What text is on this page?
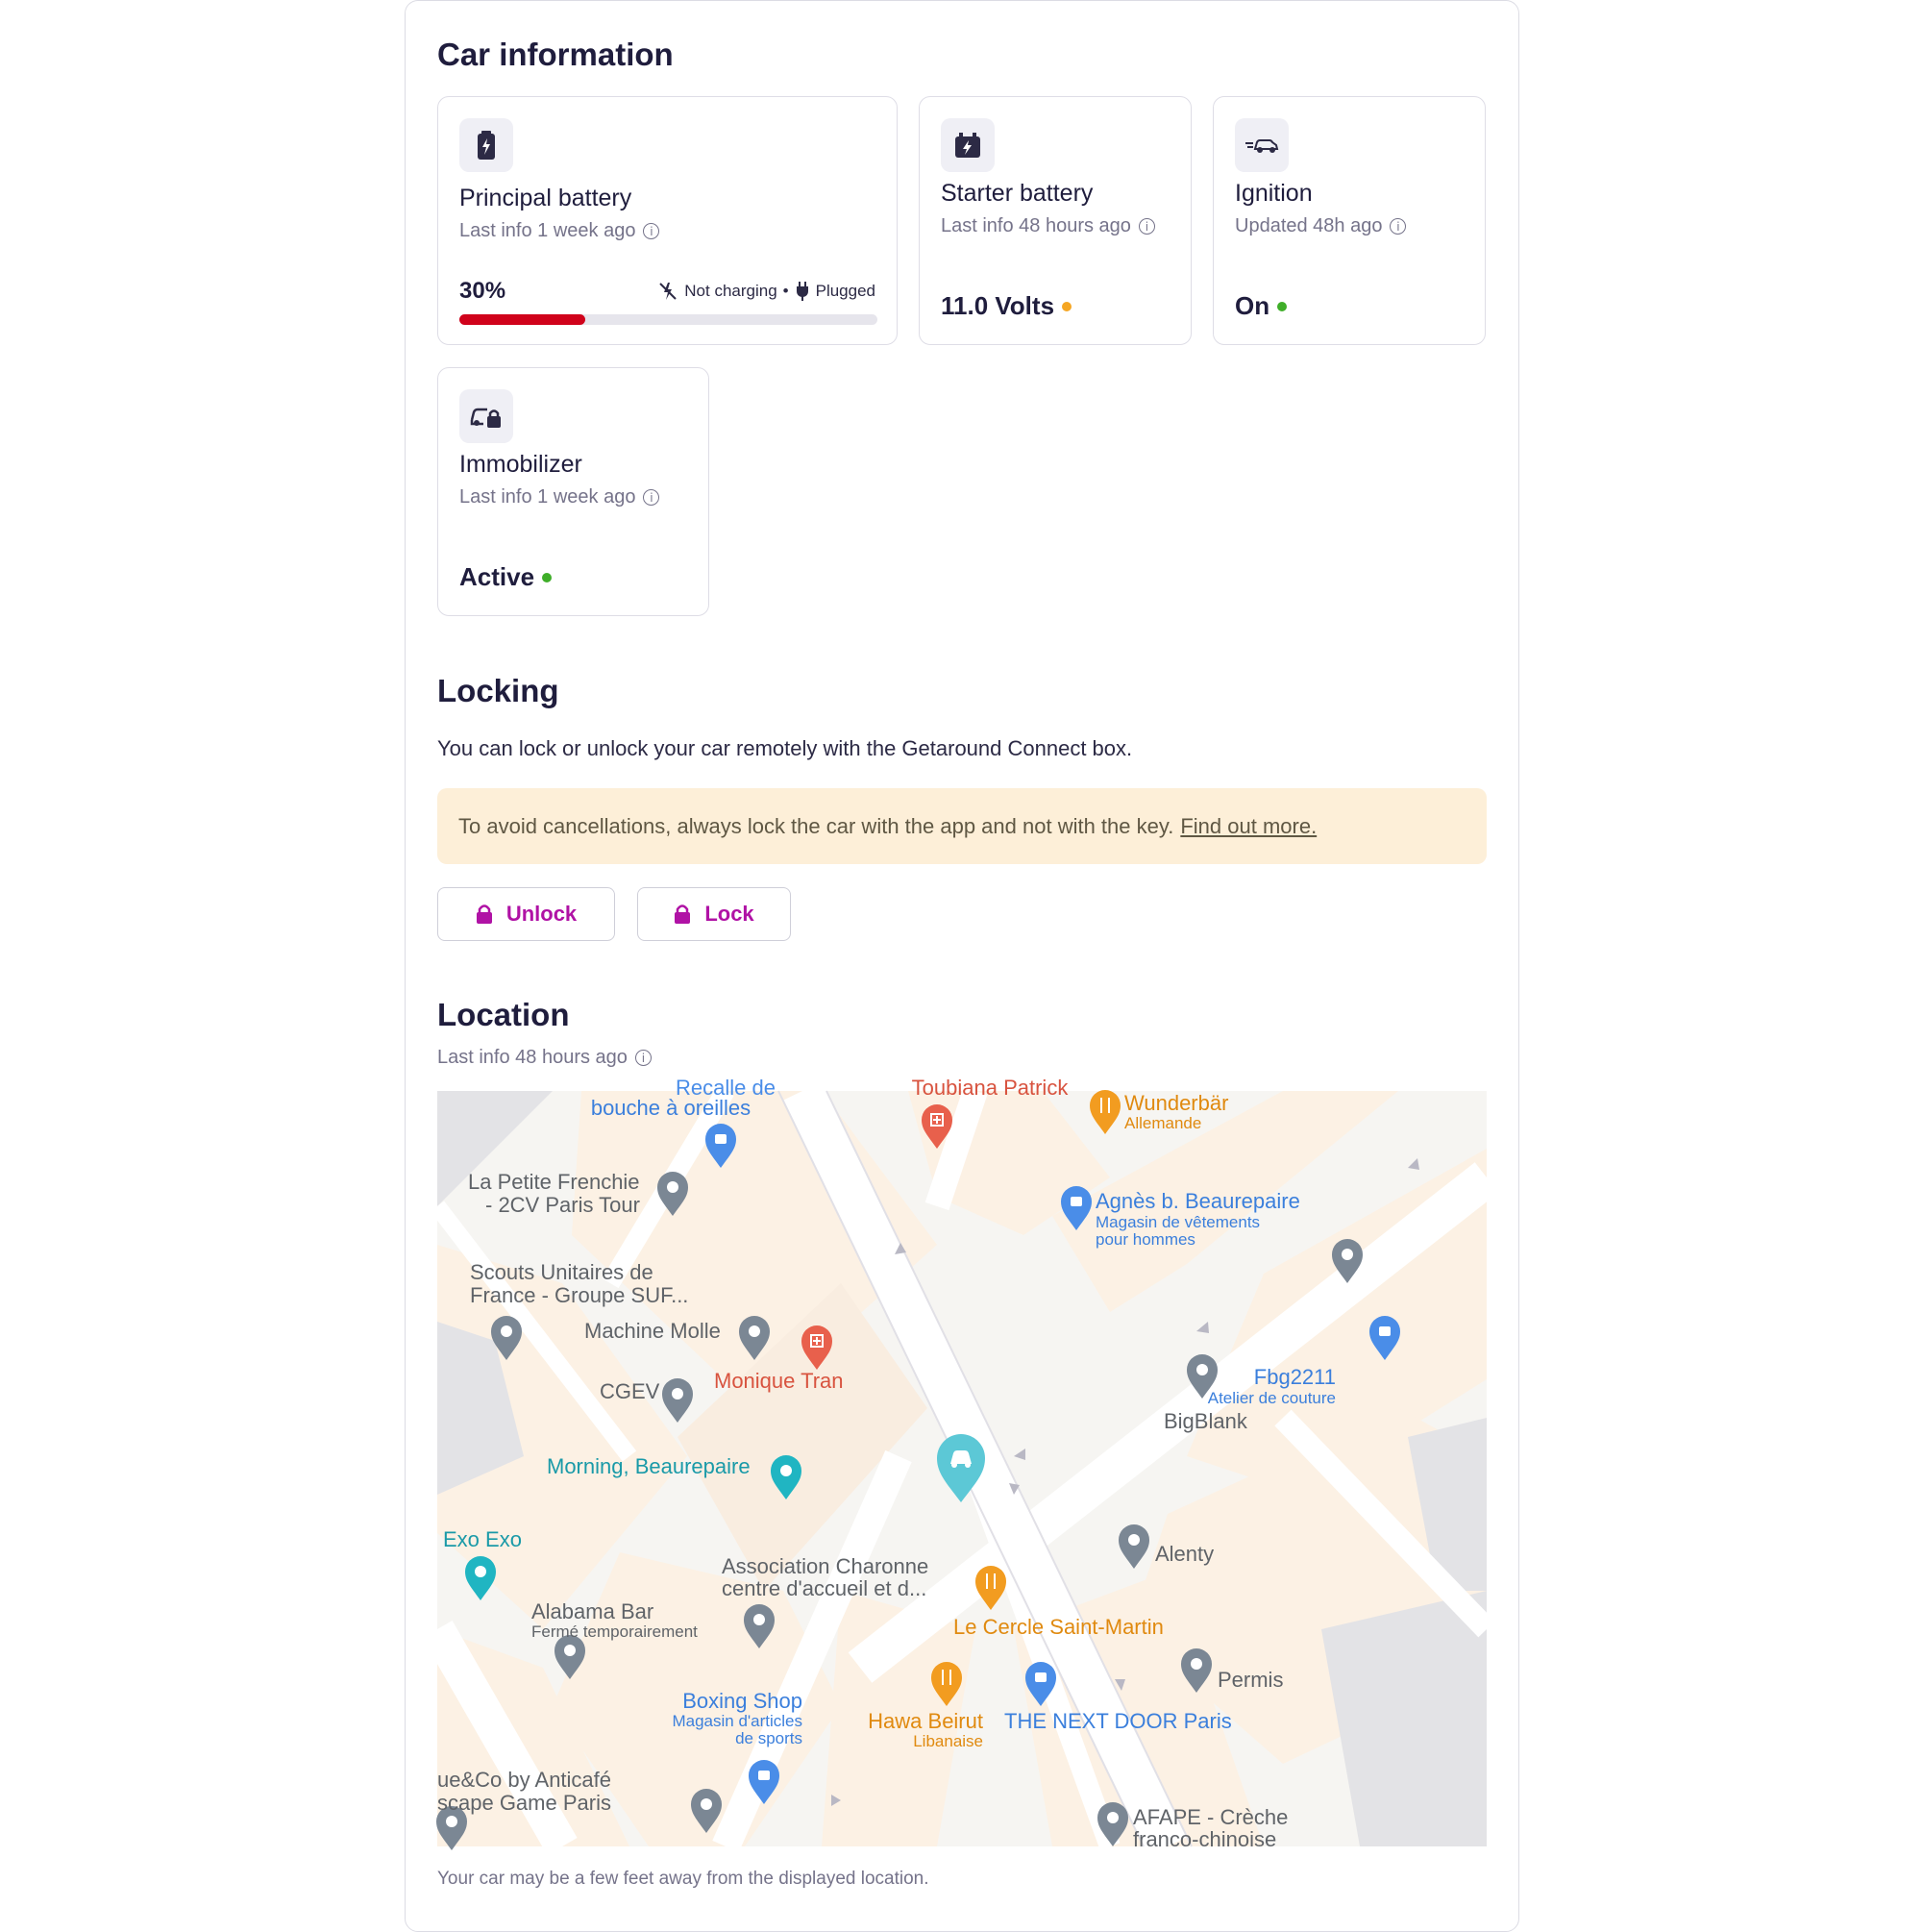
Car information
Principal battery
Last info 1 week ago	i
30%	Not charging • Plugged
Starter battery
Last info 48 hours ago	i
11.0 Volts
Ignition
Updated 48h ago	i
On
Immobilizer
Last info 1 week ago	i
Active
Locking
You can lock or unlock your car remotely with the Getaround Connect box.
To avoid cancellations, always lock the car with the app and not with the key. Find out more.
Unlock	Lock
Location
Last info 48 hours ago	i
Recalle de
bouche à oreilles
Toubiana Patrick
Wunderbär
Allemande
La Petite Frenchie
- 2CV Paris Tour	Agnès b. Beaurepaire
Magasin de vêtements
pour hommes
Scouts Unitaires de
France - Groupe SUF...
Machine Molle
Monique Tran
CGEV
Fbg2211
Atelier de couture
BigBlank
Morning, Beaurepaire
Exo Exo
Alenty
Association Charonne
centre d'accueil et d...
Alabama Bar
Fermé temporairement	Le Cercle Saint-Martin
Permis
Boxing Shop
Magasin d'articles
de sports
Hawa Beirut
Libanaise
THE NEXT DOOR Paris
ue&Co by Anticafé
scape Game Paris
AFAPE - Crèche
franco-chinoise
Your car may be a few feet away from the displayed location.
